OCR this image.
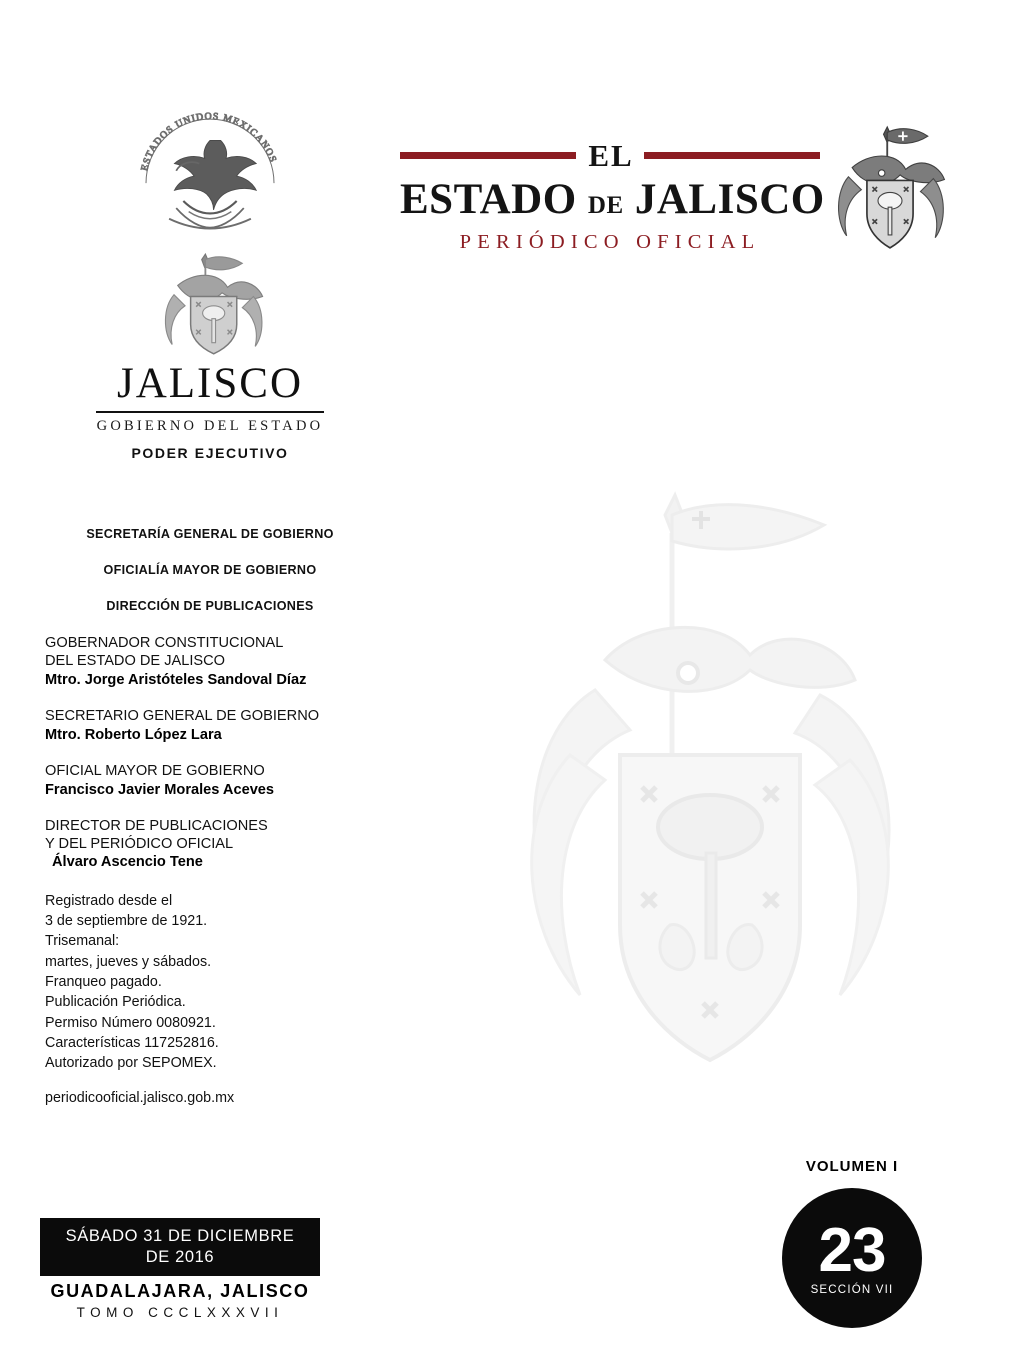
ESTADOS UNIDOS MEXICANOS
JALISCO
GOBIERNO DEL ESTADO
PODER EJECUTIVO
SECRETARÍA GENERAL DE GOBIERNO
OFICIALÍA MAYOR DE GOBIERNO
DIRECCIÓN DE PUBLICACIONES
GOBERNADOR CONSTITUCIONAL
DEL ESTADO DE JALISCO
Mtro. Jorge Aristóteles Sandoval Díaz
SECRETARIO GENERAL DE GOBIERNO
Mtro. Roberto López Lara
OFICIAL MAYOR DE GOBIERNO
Francisco Javier Morales Aceves
DIRECTOR DE PUBLICACIONES
Y DEL PERIÓDICO OFICIAL
Álvaro Ascencio Tene
Registrado desde el
3 de septiembre de 1921.
Trisemanal:
martes, jueves y sábados.
Franqueo pagado.
Publicación Periódica.
Permiso Número 0080921.
Características 117252816.
Autorizado por SEPOMEX.
periodicooficial.jalisco.gob.mx
SÁBADO 31 DE DICIEMBRE
DE 2016
GUADALAJARA, JALISCO
TOMO CCCLXXXVII
EL
ESTADO DE JALISCO
PERIÓDICO OFICIAL
VOLUMEN I
23
SECCIÓN VII
